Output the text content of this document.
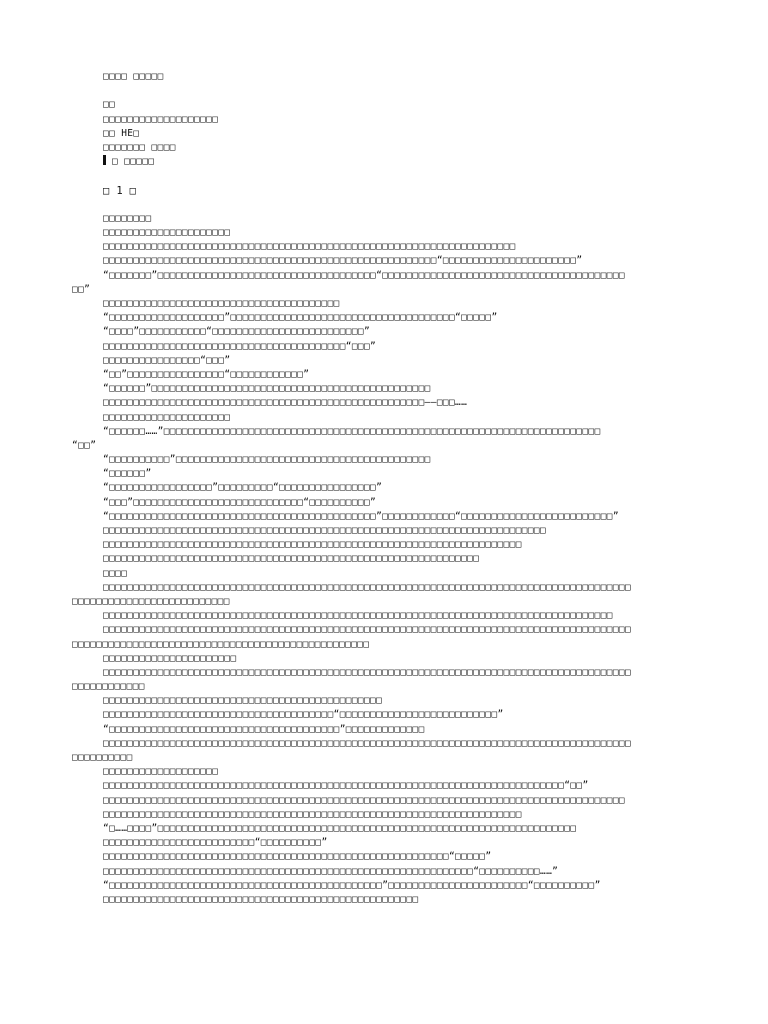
□□□□ □□□□□
□□
□□□□□□□□□□□□□□□□□□□
□□ HE□
□□□□□□□ □□□□
□ □□□□□
□ 1 □
□□□□□□□□
□□□□□□□□□□□□□□□□□□□□□
□□□□□□□□□□□□□□□□□□□□□□□□□□□□□□□□□□□□□□□□□□□□□□□□□□□□□□□□□□□□□□□□□□□□
□□□□□□□□□□□□□□□□□□□□□□□□□□□□□□□□□□□□□□□□□□□□□□□□□□□□□□□“□□□□□□□□□□□□□□□□□□□□□□”
“□□□□□□□”□□□□□□□□□□□□□□□□□□□□□□□□□□□□□□□□□□□□“□□□□□□□□□□□□□□□□□□□□□□□□□□□□□□□□□□□□□□□□
□□”
□□□□□□□□□□□□□□□□□□□□□□□□□□□□□□□□□□□□□□□
“□□□□□□□□□□□□□□□□□□□”□□□□□□□□□□□□□□□□□□□□□□□□□□□□□□□□□□□□□“□□□□□”
“□□□□”□□□□□□□□□□□“□□□□□□□□□□□□□□□□□□□□□□□□□”
□□□□□□□□□□□□□□□□□□□□□□□□□□□□□□□□□□□□□□□□“□□□”
□□□□□□□□□□□□□□□□“□□□”
“□□”□□□□□□□□□□□□□□□□“□□□□□□□□□□□□”
“□□□□□□”□□□□□□□□□□□□□□□□□□□□□□□□□□□□□□□□□□□□□□□□□□□□□□
□□□□□□□□□□□□□□□□□□□□□□□□□□□□□□□□□□□□□□□□□□□□□□□□□□□□□——□□□……
□□□□□□□□□□□□□□□□□□□□□
“□□□□□□……”□□□□□□□□□□□□□□□□□□□□□□□□□□□□□□□□□□□□□□□□□□□□□□□□□□□□□□□□□□□□□□□□□□□□□□□□
“□□”
“□□□□□□□□□□”□□□□□□□□□□□□□□□□□□□□□□□□□□□□□□□□□□□□□□□□□□
“□□□□□□”
“□□□□□□□□□□□□□□□□□”□□□□□□□□□“□□□□□□□□□□□□□□□□”
“□□□”□□□□□□□□□□□□□□□□□□□□□□□□□□□□“□□□□□□□□□□”
“□□□□□□□□□□□□□□□□□□□□□□□□□□□□□□□□□□□□□□□□□□□□”□□□□□□□□□□□□“□□□□□□□□□□□□□□□□□□□□□□□□□”
□□□□□□□□□□□□□□□□□□□□□□□□□□□□□□□□□□□□□□□□□□□□□□□□□□□□□□□□□□□□□□□□□□□□□□□□□
□□□□□□□□□□□□□□□□□□□□□□□□□□□□□□□□□□□□□□□□□□□□□□□□□□□□□□□□□□□□□□□□□□□□□
□□□□□□□□□□□□□□□□□□□□□□□□□□□□□□□□□□□□□□□□□□□□□□□□□□□□□□□□□□□□□□
□□□□
□□□□□□□□□□□□□□□□□□□□□□□□□□□□□□□□□□□□□□□□□□□□□□□□□□□□□□□□□□□□□□□□□□□□□□□□□□□□□□□□□□□□□□□
□□□□□□□□□□□□□□□□□□□□□□□□□□
□□□□□□□□□□□□□□□□□□□□□□□□□□□□□□□□□□□□□□□□□□□□□□□□□□□□□□□□□□□□□□□□□□□□□□□□□□□□□□□□□□□□
□□□□□□□□□□□□□□□□□□□□□□□□□□□□□□□□□□□□□□□□□□□□□□□□□□□□□□□□□□□□□□□□□□□□□□□□□□□□□□□□□□□□□□□
□□□□□□□□□□□□□□□□□□□□□□□□□□□□□□□□□□□□□□□□□□□□□□□□□
□□□□□□□□□□□□□□□□□□□□□□
□□□□□□□□□□□□□□□□□□□□□□□□□□□□□□□□□□□□□□□□□□□□□□□□□□□□□□□□□□□□□□□□□□□□□□□□□□□□□□□□□□□□□□□
□□□□□□□□□□□□
□□□□□□□□□□□□□□□□□□□□□□□□□□□□□□□□□□□□□□□□□□□□□□
□□□□□□□□□□□□□□□□□□□□□□□□□□□□□□□□□□□□□□“□□□□□□□□□□□□□□□□□□□□□□□□□□”
“□□□□□□□□□□□□□□□□□□□□□□□□□□□□□□□□□□□□□□”□□□□□□□□□□□□□
□□□□□□□□□□□□□□□□□□□□□□□□□□□□□□□□□□□□□□□□□□□□□□□□□□□□□□□□□□□□□□□□□□□□□□□□□□□□□□□□□□□□□□□
□□□□□□□□□□
□□□□□□□□□□□□□□□□□□□
□□□□□□□□□□□□□□□□□□□□□□□□□□□□□□□□□□□□□□□□□□□□□□□□□□□□□□□□□□□□□□□□□□□□□□□□□□□□“□□”
□□□□□□□□□□□□□□□□□□□□□□□□□□□□□□□□□□□□□□□□□□□□□□□□□□□□□□□□□□□□□□□□□□□□□□□□□□□□□□□□□□□□□□
□□□□□□□□□□□□□□□□□□□□□□□□□□□□□□□□□□□□□□□□□□□□□□□□□□□□□□□□□□□□□□□□□□□□□
“□……□□□□”□□□□□□□□□□□□□□□□□□□□□□□□□□□□□□□□□□□□□□□□□□□□□□□□□□□□□□□□□□□□□□□□□□□□□
□□□□□□□□□□□□□□□□□□□□□□□□□“□□□□□□□□□□”
□□□□□□□□□□□□□□□□□□□□□□□□□□□□□□□□□□□□□□□□□□□□□□□□□□□□□□□□□“□□□□□”
□□□□□□□□□□□□□□□□□□□□□□□□□□□□□□□□□□□□□□□□□□□□□□□□□□□□□□□□□□□□□“□□□□□□□□□□……”
“□□□□□□□□□□□□□□□□□□□□□□□□□□□□□□□□□□□□□□□□□□□□□”□□□□□□□□□□□□□□□□□□□□□□□“□□□□□□□□□□”
□□□□□□□□□□□□□□□□□□□□□□□□□□□□□□□□□□□□□□□□□□□□□□□□□□□□
